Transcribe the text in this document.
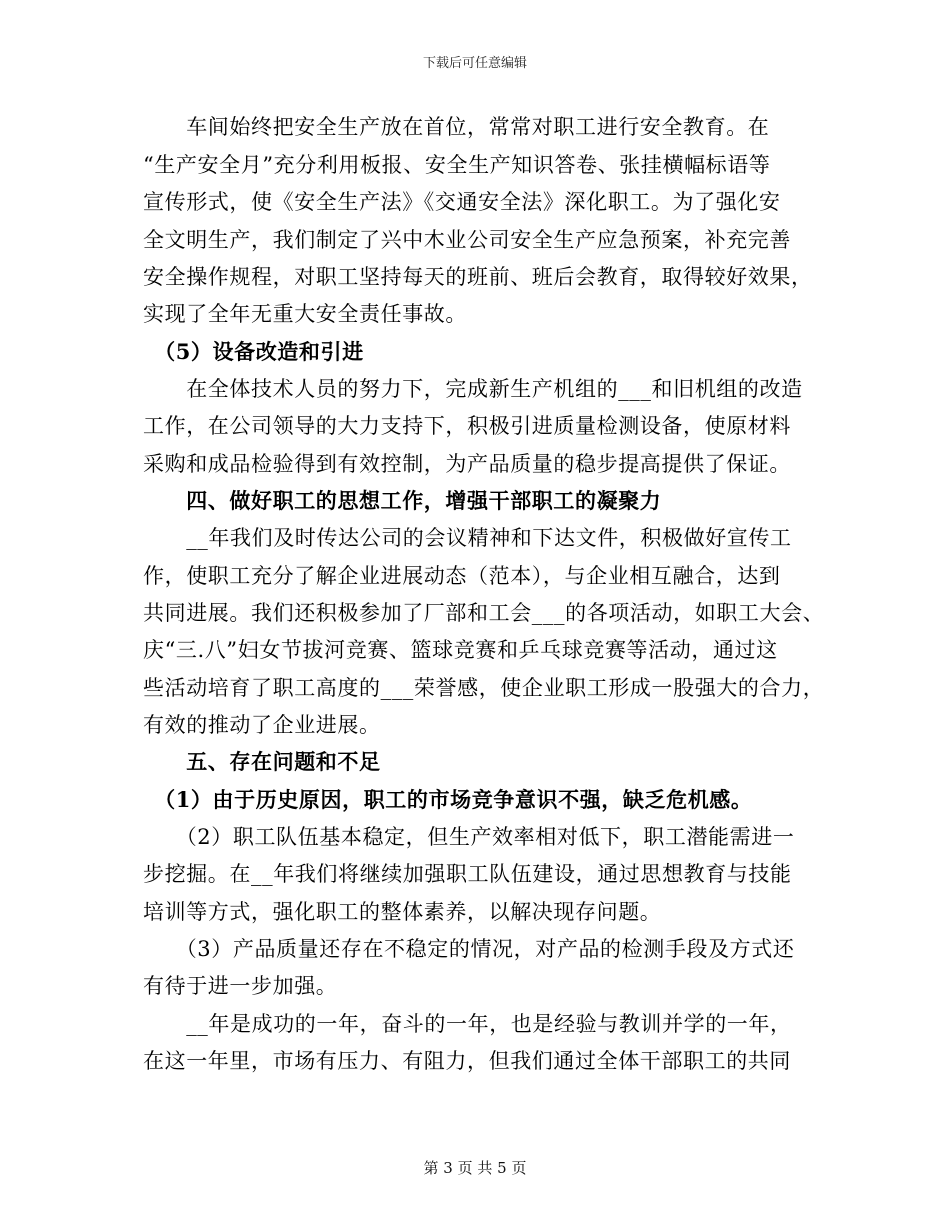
下载后可任意编辑
　　车间始终把安全生产放在首位，常常对职工进行安全教育。在
“生产安全月”充分利用板报、安全生产知识答卷、张挂横幅标语等
宣传形式，使《安全生产法》《交通安全法》深化职工。为了强化安
全文明生产，我们制定了兴中木业公司安全生产应急预案，补充完善
安全操作规程，对职工坚持每天的班前、班后会教育，取得较好效果，
实现了全年无重大安全责任事故。
　（5）设备改造和引进
　　在全体技术人员的努力下，完成新生产机组的___和旧机组的改造
工作，在公司领导的大力支持下，积极引进质量检测设备，使原材料
采购和成品检验得到有效控制，为产品质量的稳步提高提供了保证。
　　四、做好职工的思想工作，增强干部职工的凝聚力
　　__年我们及时传达公司的会议精神和下达文件，积极做好宣传工
作，使职工充分了解企业进展动态（范本），与企业相互融合，达到
共同进展。我们还积极参加了厂部和工会___的各项活动，如职工大会、
庆“三.八”妇女节拔河竞赛、篮球竞赛和乒乓球竞赛等活动，通过这
些活动培育了职工高度的___荣誉感，使企业职工形成一股强大的合力，
有效的推动了企业进展。
　　五、存在问题和不足
　（1）由于历史原因，职工的市场竞争意识不强，缺乏危机感。
　　（2）职工队伍基本稳定，但生产效率相对低下，职工潜能需进一
步挖掘。在__年我们将继续加强职工队伍建设，通过思想教育与技能
培训等方式，强化职工的整体素养，以解决现存问题。
　　（3）产品质量还存在不稳定的情况，对产品的检测手段及方式还
有待于进一步加强。
　　__年是成功的一年，奋斗的一年，也是经验与教训并学的一年，
在这一年里，市场有压力、有阻力，但我们通过全体干部职工的共同
第 3 页 共 5 页
